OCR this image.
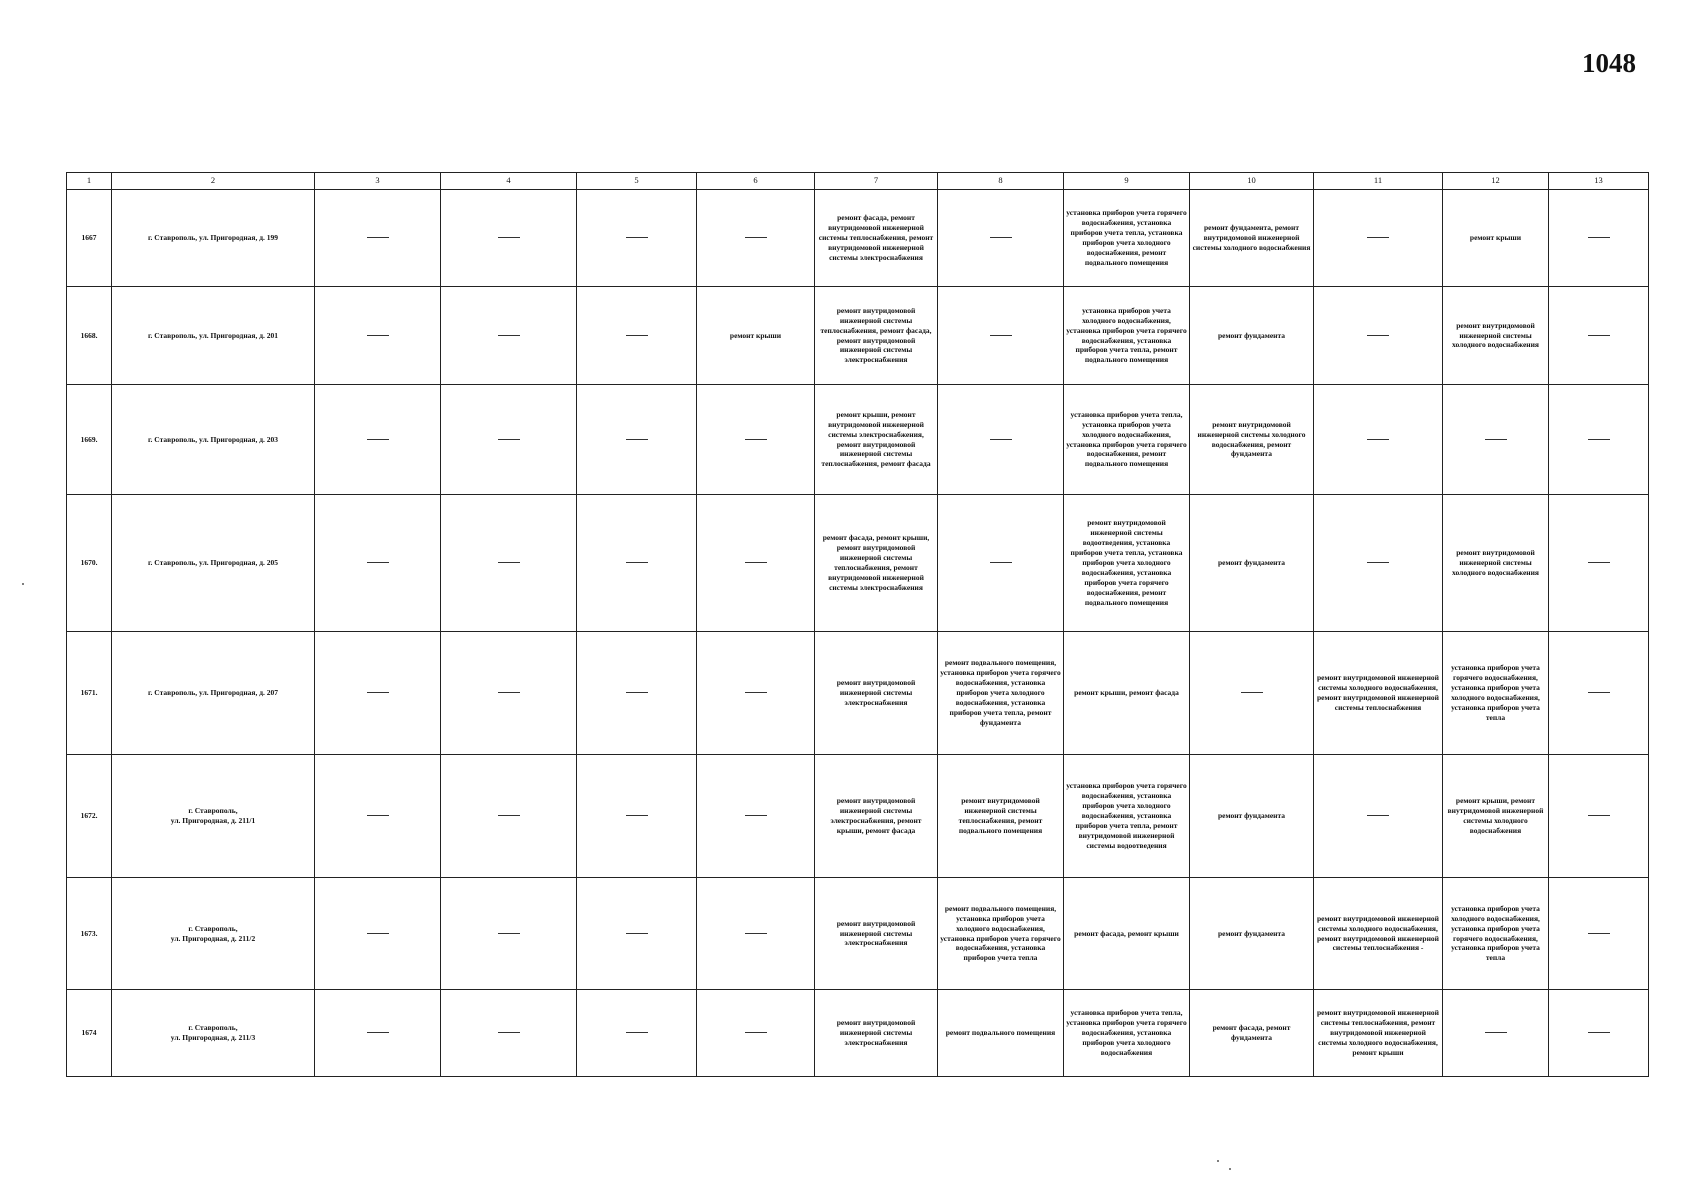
1048
1	2	3	4	5	6	7	8	9	10	11	12	13
1667	г. Ставрополь, ул. Пригородная, д. 199					ремонт фасада, ремонт внутридомовой инженерной системы теплоснабжения, ремонт внутридомовой инженерной системы электроснабжения		установка приборов учета горячего водоснабжения, установка приборов учета тепла, установка приборов учета холодного водоснабжения, ремонт подвального помещения	ремонт фундамента, ремонт внутридомовой инженерной системы холодного водоснабжения		ремонт крыши	
1668.	г. Ставрополь, ул. Пригородная, д. 201				ремонт крыши	ремонт внутридомовой инженерной системы теплоснабжения, ремонт фасада, ремонт внутридомовой инженерной системы электроснабжения		установка приборов учета холодного водоснабжения, установка приборов учета горячего водоснабжения, установка приборов учета тепла, ремонт подвального помещения	ремонт фундамента		ремонт внутридомовой инженерной системы холодного водоснабжения	
1669.	г. Ставрополь, ул. Пригородная, д. 203					ремонт крыши, ремонт внутридомовой инженерной системы электроснабжения, ремонт внутридомовой инженерной системы теплоснабжения, ремонт фасада		установка приборов учета тепла, установка приборов учета холодного водоснабжения, установка приборов учета горячего водоснабжения, ремонт подвального помещения	ремонт внутридомовой инженерной системы холодного водоснабжения, ремонт фундамента			
1670.	г. Ставрополь, ул. Пригородная, д. 205					ремонт фасада, ремонт крыши, ремонт внутридомовой инженерной системы теплоснабжения, ремонт внутридомовой инженерной системы электроснабжения		ремонт внутридомовой инженерной системы водоотведения, установка приборов учета тепла, установка приборов учета холодного водоснабжения, установка приборов учета горячего водоснабжения, ремонт подвального помещения	ремонт фундамента		ремонт внутридомовой инженерной системы холодного водоснабжения	
1671.	г. Ставрополь, ул. Пригородная, д. 207					ремонт внутридомовой инженерной системы электроснабжения	ремонт подвального помещения, установка приборов учета горячего водоснабжения, установка приборов учета холодного водоснабжения, установка приборов учета тепла, ремонт фундамента	ремонт крыши, ремонт фасада		ремонт внутридомовой инженерной системы холодного водоснабжения, ремонт внутридомовой инженерной системы теплоснабжения	установка приборов учета горячего водоснабжения, установка приборов учета холодного водоснабжения, установка приборов учета тепла	
1672.	г. Ставрополь,
ул. Пригородная, д. 211/1					ремонт внутридомовой инженерной системы электроснабжения, ремонт крыши, ремонт фасада	ремонт внутридомовой инженерной системы теплоснабжения, ремонт подвального помещения	установка приборов учета горячего водоснабжения, установка приборов учета холодного водоснабжения, установка приборов учета тепла, ремонт внутридомовой инженерной системы водоотведения	ремонт фундамента		ремонт крыши, ремонт внутридомовой инженерной системы холодного водоснабжения	
1673.	г. Ставрополь,
ул. Пригородная, д. 211/2					ремонт внутридомовой инженерной системы электроснабжения	ремонт подвального помещения, установка приборов учета холодного водоснабжения, установка приборов учета горячего водоснабжения, установка приборов учета тепла	ремонт фасада, ремонт крыши	ремонт фундамента	ремонт внутридомовой инженерной системы холодного водоснабжения, ремонт внутридомовой инженерной системы теплоснабжения -	установка приборов учета холодного водоснабжения, установка приборов учета горячего водоснабжения, установка приборов учета тепла	
1674	г. Ставрополь,
ул. Пригородная, д. 211/3					ремонт внутридомовой инженерной системы электроснабжения	ремонт подвального помещения	установка приборов учета тепла, установка приборов учета горячего водоснабжения, установка приборов учета холодного водоснабжения	ремонт фасада, ремонт фундамента	ремонт внутридомовой инженерной системы теплоснабжения, ремонт внутридомовой инженерной системы холодного водоснабжения, ремонт крыши		
